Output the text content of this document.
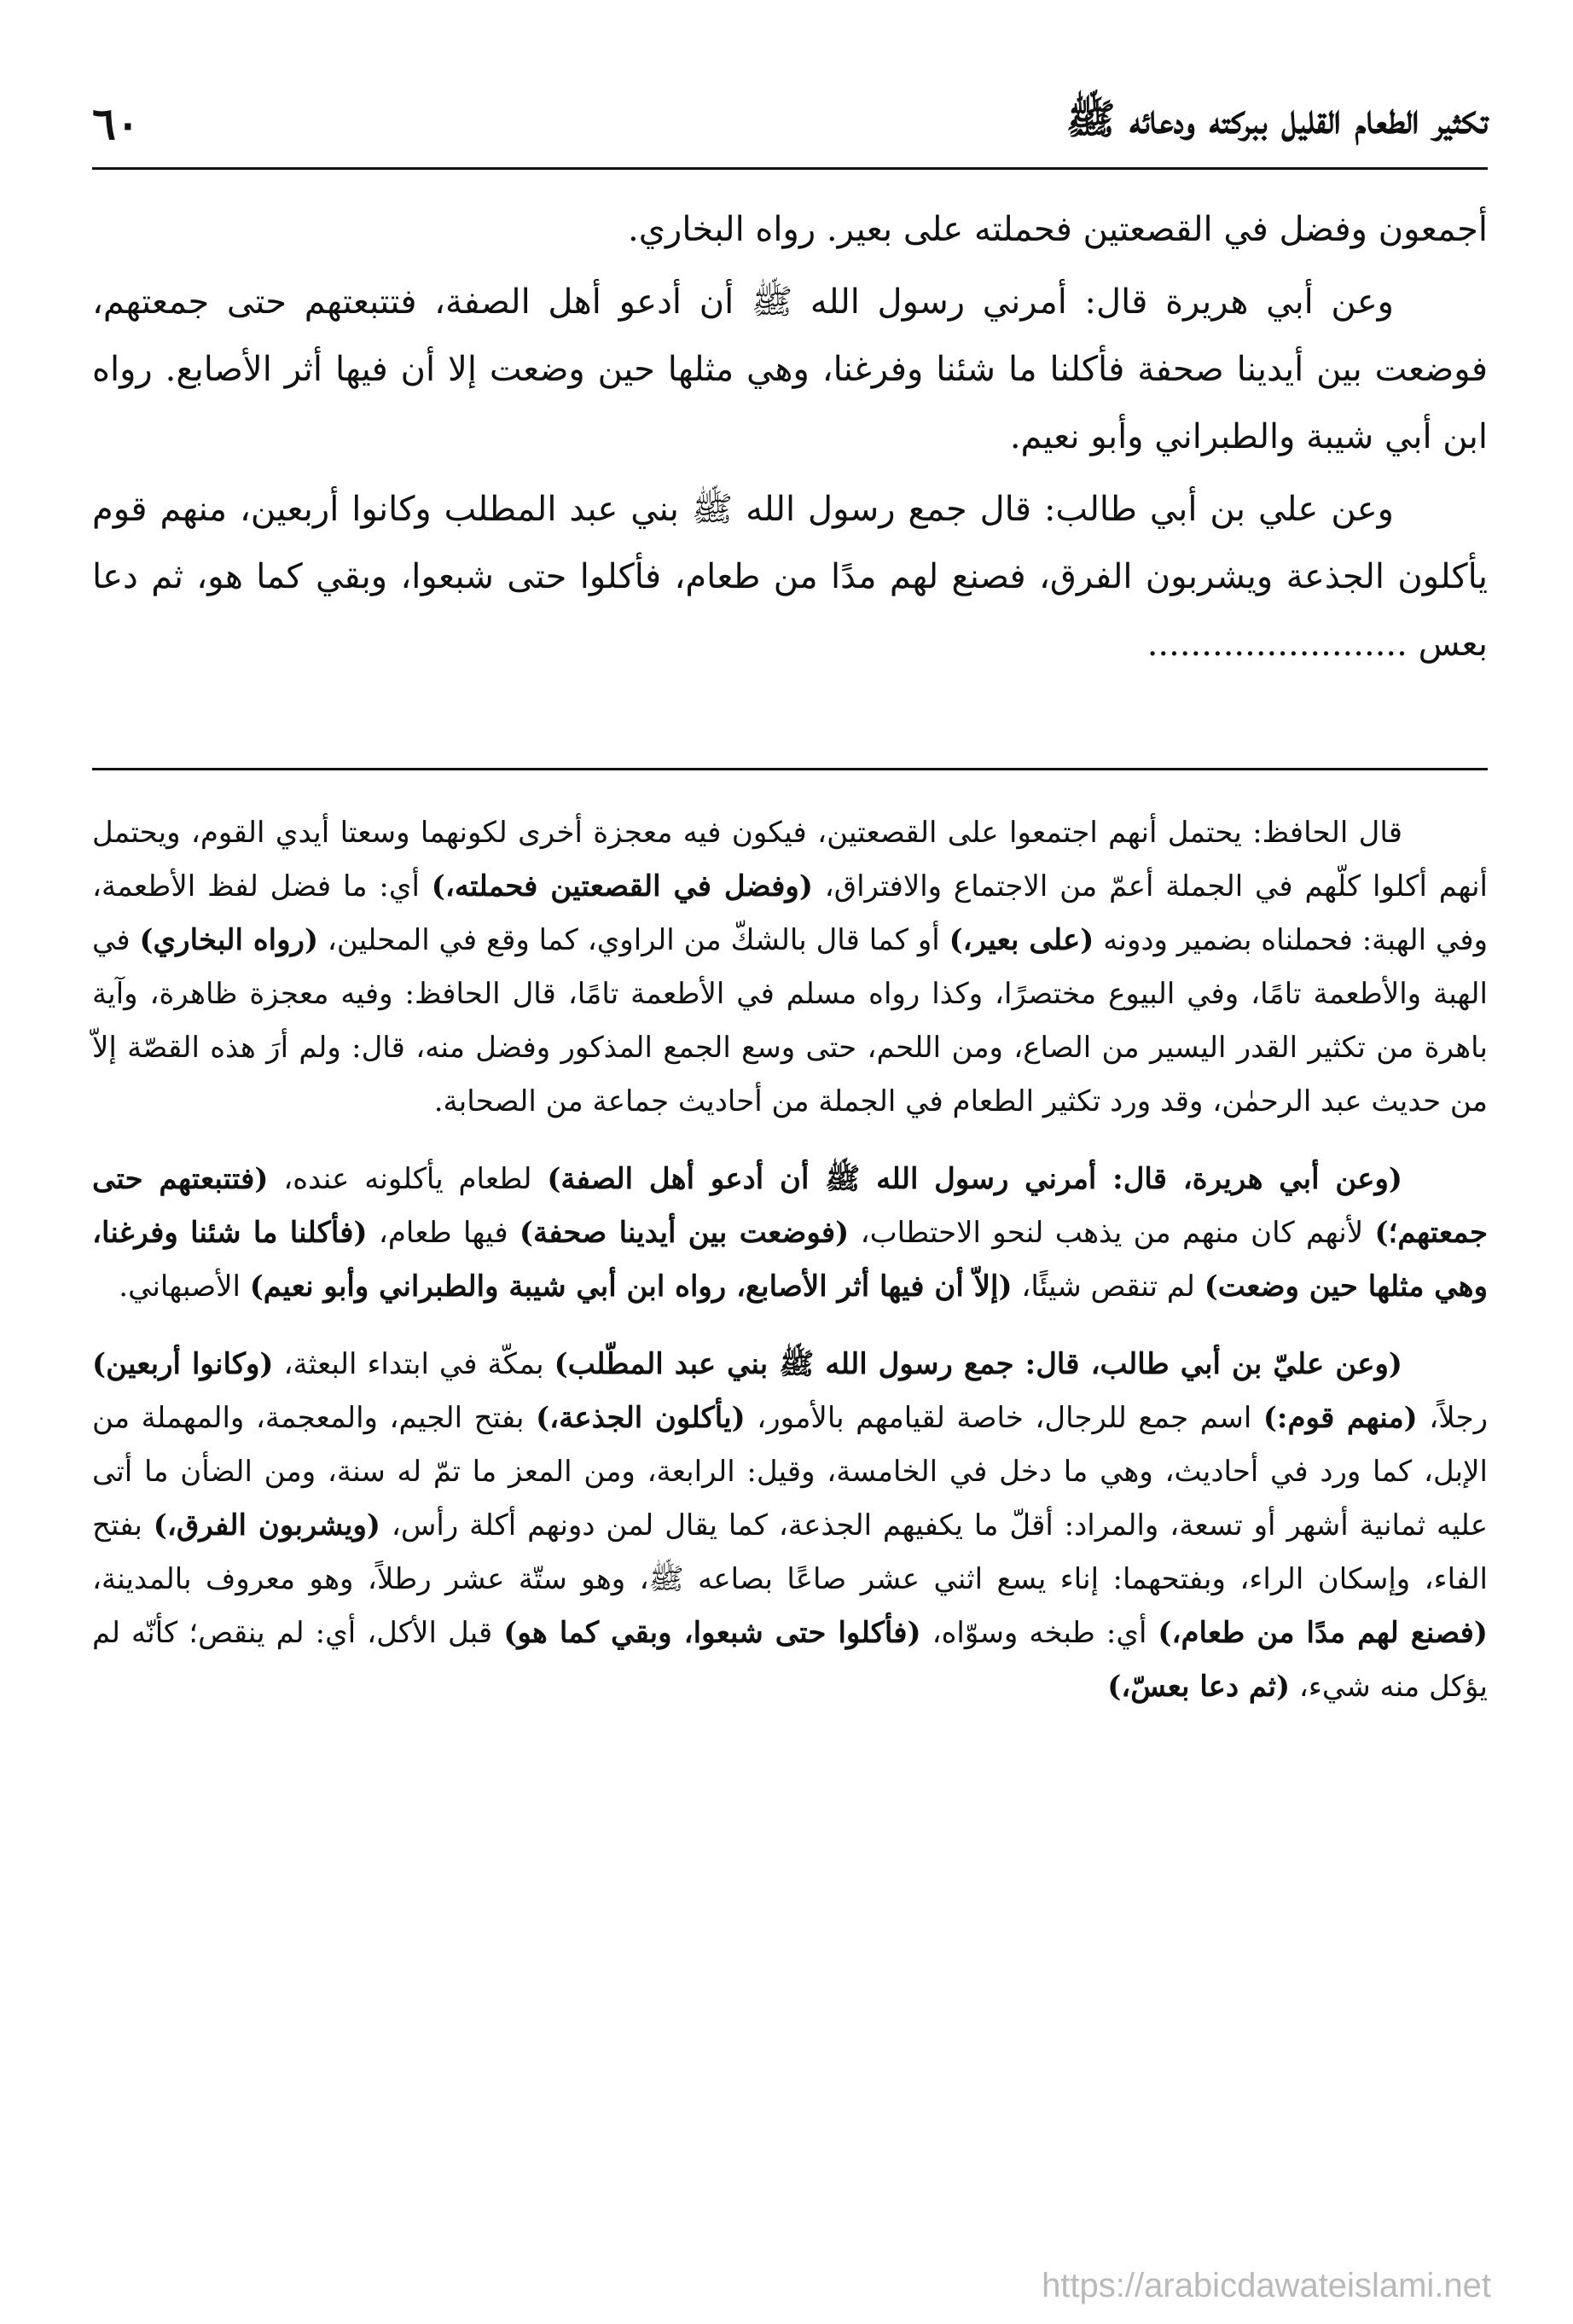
تكثير الطعام القليل ببركته ودعائه ﷺ
٦٠

أجمعون وفضل في القصعتين فحملته على بعير. رواه البخاري.

وعن أبي هريرة قال: أمرني رسول الله ﷺ أن أدعو أهل الصفة، فتتبعتهم حتى جمعتهم، فوضعت بين أيدينا صحفة فأكلنا ما شئنا وفرغنا، وهي مثلها حين وضعت إلا أن فيها أثر الأصابع. رواه ابن أبي شيبة والطبراني وأبو نعيم.

وعن علي بن أبي طالب: قال جمع رسول الله ﷺ بني عبد المطلب وكانوا أربعين، منهم قوم يأكلون الجذعة ويشربون الفرق، فصنع لهم مدًا من طعام، فأكلوا حتى شبعوا، وبقي كما هو، ثم دعا بعس ........................

قال الحافظ: يحتمل أنهم اجتمعوا على القصعتين، فيكون فيه معجزة أخرى لكونهما وسعتا أيدي القوم، ويحتمل أنهم أكلوا كلّهم في الجملة أعمّ من الاجتماع والافتراق، (وفضل في القصعتين فحملته،) أي: ما فضل لفظ الأطعمة، وفي الهبة: فحملناه بضمير ودونه (على بعير،) أو كما قال بالشكّ من الراوي، كما وقع في المحلين، (رواه البخاري) في الهبة والأطعمة تامًا، وفي البيوع مختصرًا، وكذا رواه مسلم في الأطعمة تامًا، قال الحافظ: وفيه معجزة ظاهرة، وآية باهرة من تكثير القدر اليسير من الصاع، ومن اللحم، حتى وسع الجمع المذكور وفضل منه، قال: ولم أرَ هذه القصّة إلاّ من حديث عبد الرحمٰن، وقد ورد تكثير الطعام في الجملة من أحاديث جماعة من الصحابة.

(وعن أبي هريرة، قال: أمرني رسول الله ﷺ أن أدعو أهل الصفة) لطعام يأكلونه عنده، (فتتبعتهم حتى جمعتهم؛) لأنهم كان منهم من يذهب لنحو الاحتطاب، (فوضعت بين أيدينا صحفة) فيها طعام، (فأكلنا ما شئنا وفرغنا، وهي مثلها حين وضعت) لم تنقص شيئًا، (إلاّ أن فيها أثر الأصابع، رواه ابن أبي شيبة والطبراني وأبو نعيم) الأصبهاني.

(وعن عليّ بن أبي طالب، قال: جمع رسول الله ﷺ بني عبد المطّلب) بمكّة في ابتداء البعثة، (وكانوا أربعين) رجلاً، (منهم قوم:) اسم جمع للرجال، خاصة لقيامهم بالأمور، (يأكلون الجذعة،) بفتح الجيم، والمعجمة، والمهملة من الإبل، كما ورد في أحاديث، وهي ما دخل في الخامسة، وقيل: الرابعة، ومن المعز ما تمّ له سنة، ومن الضأن ما أتى عليه ثمانية أشهر أو تسعة، والمراد: أقلّ ما يكفيهم الجذعة، كما يقال لمن دونهم أكلة رأس، (ويشربون الفرق،) بفتح الفاء، وإسكان الراء، وبفتحهما: إناء يسع اثني عشر صاعًا بصاعه ﷺ، وهو ستّة عشر رطلاً، وهو معروف بالمدينة، (فصنع لهم مدًا من طعام،) أي: طبخه وسوّاه، (فأكلوا حتى شبعوا، وبقي كما هو) قبل الأكل، أي: لم ينقص؛ كأنّه لم يؤكل منه شيء، (ثم دعا بعسّ،)

https://arabicdawateislami.net
